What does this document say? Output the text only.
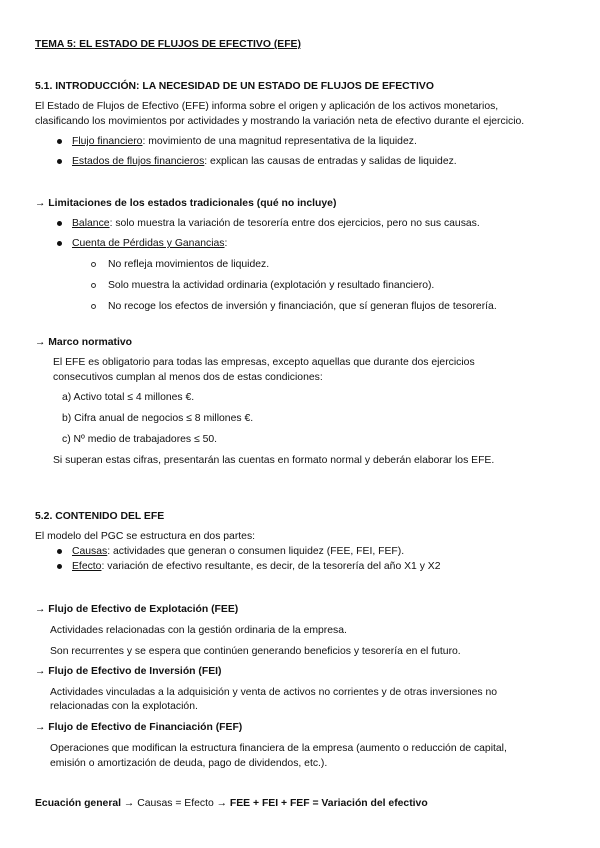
TEMA 5: EL ESTADO DE FLUJOS DE EFECTIVO (EFE)
5.1. INTRODUCCIÓN: LA NECESIDAD DE UN ESTADO DE FLUJOS DE EFECTIVO
El Estado de Flujos de Efectivo (EFE) informa sobre el origen y aplicación de los activos monetarios,
clasificando los movimientos por actividades y mostrando la variación neta de efectivo durante el ejercicio.
Flujo financiero: movimiento de una magnitud representativa de la liquidez.
Estados de flujos financieros: explican las causas de entradas y salidas de liquidez.
→ Limitaciones de los estados tradicionales (qué no incluye)
Balance: solo muestra la variación de tesorería entre dos ejercicios, pero no sus causas.
Cuenta de Pérdidas y Ganancias:
No refleja movimientos de liquidez.
Solo muestra la actividad ordinaria (explotación y resultado financiero).
No recoge los efectos de inversión y financiación, que sí generan flujos de tesorería.
→ Marco normativo
El EFE es obligatorio para todas las empresas, excepto aquellas que durante dos ejercicios
consecutivos cumplan al menos dos de estas condiciones:
a) Activo total ≤ 4 millones €.
b) Cifra anual de negocios ≤ 8 millones €.
c) Nº medio de trabajadores ≤ 50.
Si superan estas cifras, presentarán las cuentas en formato normal y deberán elaborar los EFE.
5.2. CONTENIDO DEL EFE
El modelo del PGC se estructura en dos partes:
Causas: actividades que generan o consumen liquidez (FEE, FEI, FEF).
Efecto: variación de efectivo resultante, es decir, de la tesorería del año X1 y X2
→ Flujo de Efectivo de Explotación (FEE)
Actividades relacionadas con la gestión ordinaria de la empresa.
Son recurrentes y se espera que continúen generando beneficios y tesorería en el futuro.
→ Flujo de Efectivo de Inversión (FEI)
Actividades vinculadas a la adquisición y venta de activos no corrientes y de otras inversiones no
relacionadas con la explotación.
→ Flujo de Efectivo de Financiación (FEF)
Operaciones que modifican la estructura financiera de la empresa (aumento o reducción de capital,
emisión o amortización de deuda, pago de dividendos, etc.).
Ecuación general → Causas = Efecto → FEE + FEI + FEF = Variación del efectivo
